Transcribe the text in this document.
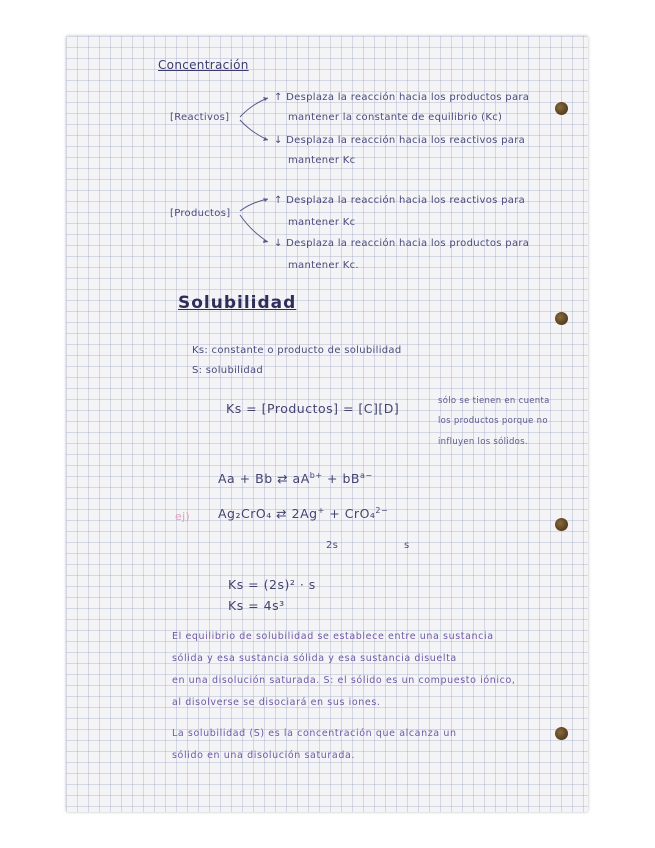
Concentración
[Reactivos]
↑ Desplaza la reacción hacia los productos para
mantener la constante de equilibrio (Kc)
↓ Desplaza la reacción hacia los reactivos para
mantener Kc
[Productos]
↑ Desplaza la reacción hacia los reactivos para
mantener Kc
↓ Desplaza la reacción hacia los productos para
mantener Kc.
Solubilidad
Ks: constante o producto de solubilidad
S: solubilidad
Ks = [Productos] = [C][D]	sólo se tienen en cuenta
los productos porque no
influyen los sólidos.
Aa + Bb ⇄ $aA^{b+} + bB^{a-}$
ej) Ag₂CrO₄ ⇄ 2Ag+ + CrO₄$^{2-}$
2s	s
Ks = (2s)² · s
Ks = 4s³
El equilibrio de solubilidad se establece entre una sustancia
sólida y esa sustancia sólida y esa sustancia disuelta
en una disolución saturada. S: el sólido es un compuesto iónico,
al disolverse se disociará en sus iones.
La solubilidad (S) es la concentración que alcanza un
sólido en una disolución saturada.
